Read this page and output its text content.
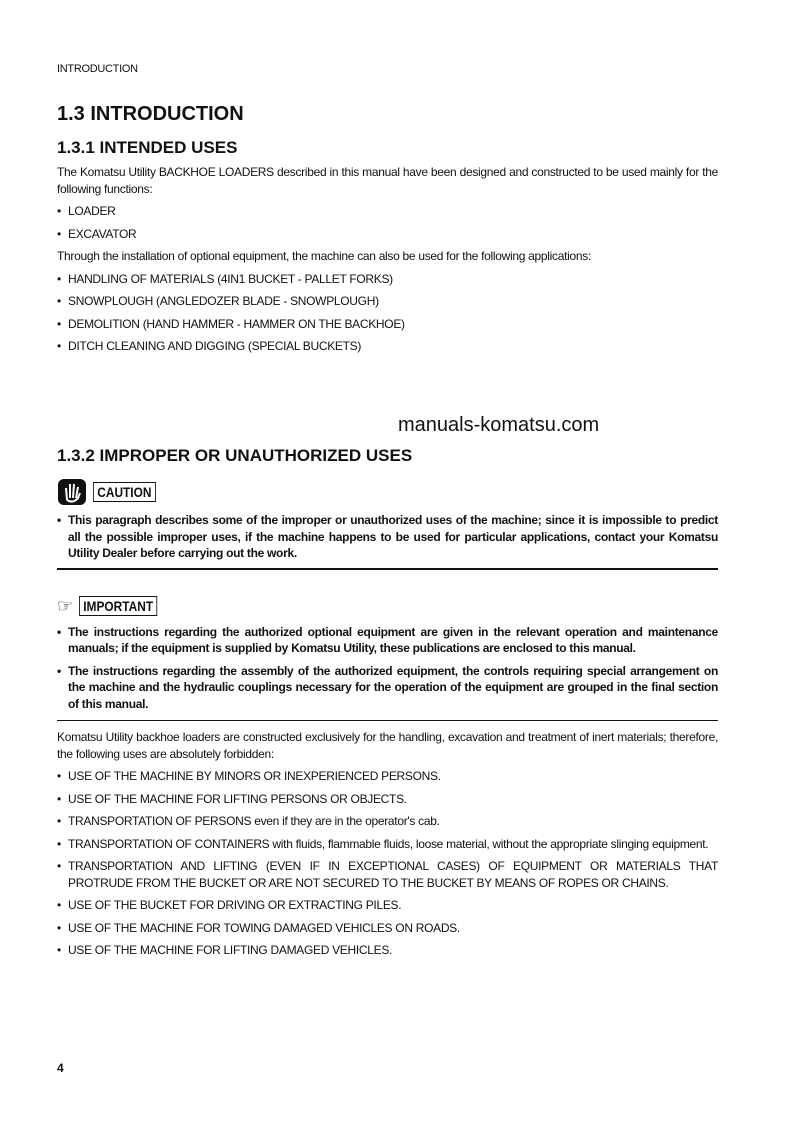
INTRODUCTION
1.3 INTRODUCTION
1.3.1 INTENDED USES
The Komatsu Utility BACKHOE LOADERS described in this manual have been designed and constructed to be used mainly for the following functions:
• LOADER
• EXCAVATOR
Through the installation of optional equipment, the machine can also be used for the following applications:
• HANDLING OF MATERIALS (4IN1 BUCKET - PALLET FORKS)
• SNOWPLOUGH (ANGLEDOZER BLADE - SNOWPLOUGH)
• DEMOLITION (HAND HAMMER - HAMMER ON THE BACKHOE)
• DITCH CLEANING AND DIGGING (SPECIAL BUCKETS)
manuals-komatsu.com
1.3.2 IMPROPER OR UNAUTHORIZED USES
CAUTION
• This paragraph describes some of the improper or unauthorized uses of the machine; since it is impossible to predict all the possible improper uses, if the machine happens to be used for particular applications, contact your Komatsu Utility Dealer before carrying out the work.
☞ IMPORTANT
• The instructions regarding the authorized optional equipment are given in the relevant operation and maintenance manuals; if the equipment is supplied by Komatsu Utility, these publications are enclosed to this manual.
• The instructions regarding the assembly of the authorized equipment, the controls requiring special arrangement on the machine and the hydraulic couplings necessary for the operation of the equipment are grouped in the final section of this manual.
Komatsu Utility backhoe loaders are constructed exclusively for the handling, excavation and treatment of inert materials; therefore, the following uses are absolutely forbidden:
• USE OF THE MACHINE BY MINORS OR INEXPERIENCED PERSONS.
• USE OF THE MACHINE FOR LIFTING PERSONS OR OBJECTS.
• TRANSPORTATION OF PERSONS even if they are in the operator's cab.
• TRANSPORTATION OF CONTAINERS with fluids, flammable fluids, loose material, without the appropriate slinging equipment.
• TRANSPORTATION AND LIFTING (EVEN IF IN EXCEPTIONAL CASES) OF EQUIPMENT OR MATERIALS THAT PROTRUDE FROM THE BUCKET OR ARE NOT SECURED TO THE BUCKET BY MEANS OF ROPES OR CHAINS.
• USE OF THE BUCKET FOR DRIVING OR EXTRACTING PILES.
• USE OF THE MACHINE FOR TOWING DAMAGED VEHICLES ON ROADS.
• USE OF THE MACHINE FOR LIFTING DAMAGED VEHICLES.
4
